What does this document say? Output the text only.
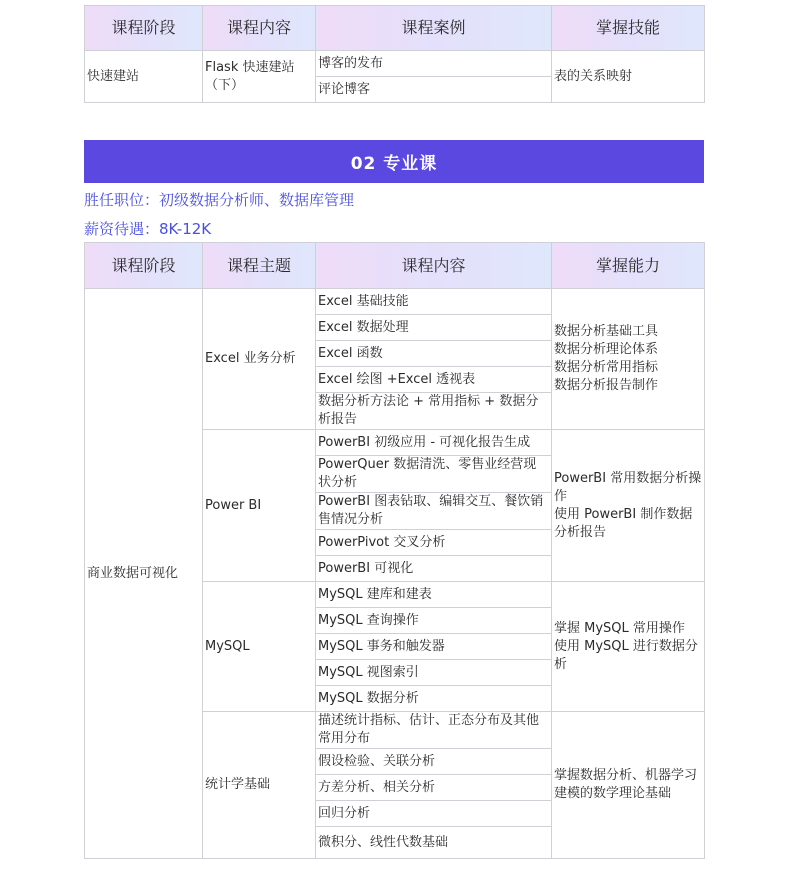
课程阶段	课程内容	课程案例	掌握技能
快速建站	Flask 快速建站（下）	博客的发布	表的关系映射
		评论博客	
02 专业课
胜任职位：初级数据分析师、数据库管理
薪资待遇：8K-12K
课程阶段	课程主题	课程内容	掌握能力
商业数据可视化	Excel 业务分析	Excel 基础技能	数据分析基础工具
数据分析理论体系
数据分析常用指标
数据分析报告制作

		Excel 数据处理	
		Excel 函数	
		Excel 绘图 +Excel 透视表	
		数据分析方法论 + 常用指标 + 数据分析报告	
	Power BI	PowerBI 初级应用 - 可视化报告生成	PowerBI 常用数据分析操作
使用 PowerBI 制作数据分析报告

		PowerQuer 数据清洗、零售业经营现状分析	
		PowerBI 图表钻取、编辑交互、餐饮销售情况分析	
		PowerPivot 交叉分析	
		PowerBI 可视化	
	MySQL	MySQL 建库和建表	掌握 MySQL 常用操作
使用 MySQL 进行数据分析

		MySQL 查询操作	
		MySQL 事务和触发器	
		MySQL 视图索引	
		MySQL 数据分析	
	统计学基础	描述统计指标、估计、正态分布及其他常用分布	掌握数据分析、机器学习建模的数学理论基础

		假设检验、关联分析	
		方差分析、相关分析	
		回归分析	
		微积分、线性代数基础	
